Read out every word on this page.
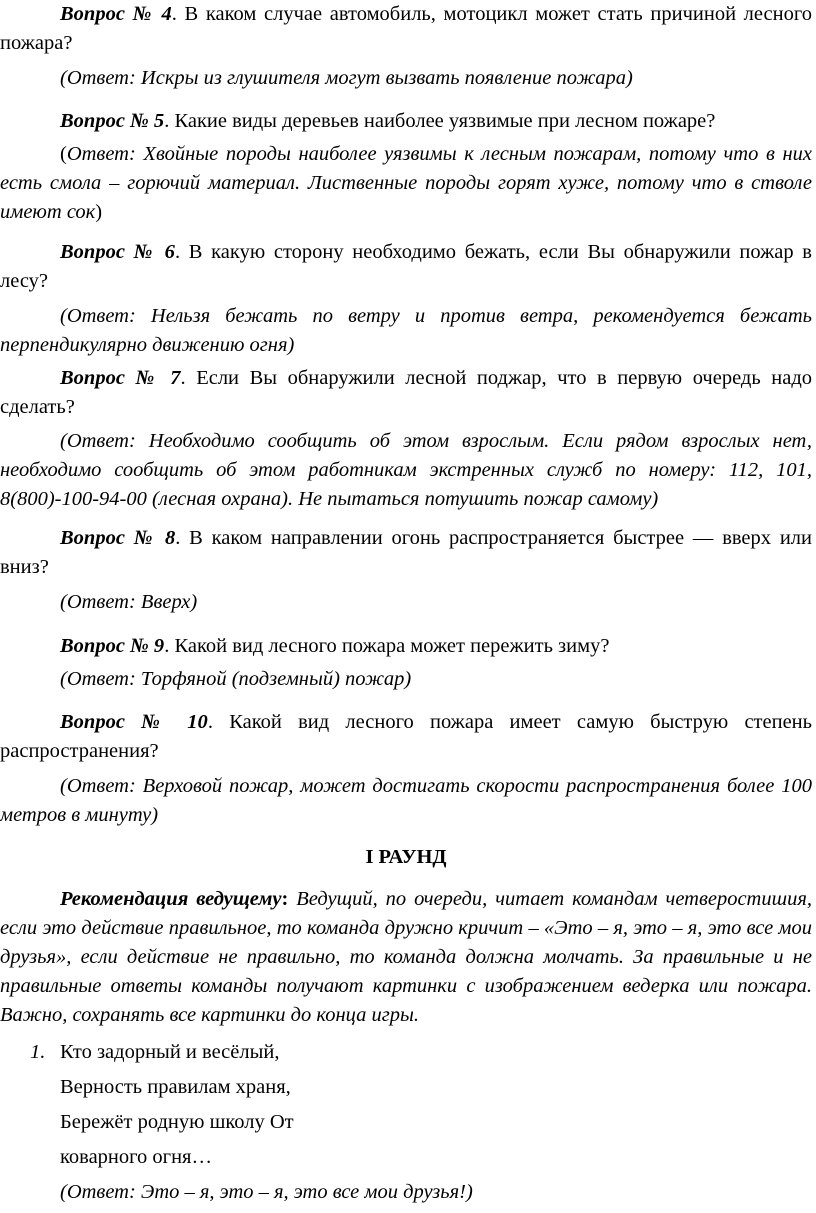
Вопрос № 4. В каком случае автомобиль, мотоцикл может стать причиной лесного пожара?

(Ответ: Искры из глушителя могут вызвать появление пожара)

Вопрос № 5. Какие виды деревьев наиболее уязвимые при лесном пожаре?

(Ответ: Хвойные породы наиболее уязвимы к лесным пожарам, потому что в них есть смола – горючий материал. Лиственные породы горят хуже, потому что в стволе имеют сок)

Вопрос № 6. В какую сторону необходимо бежать, если Вы обнаружили пожар в лесу?

(Ответ: Нельзя бежать по ветру и против ветра, рекомендуется бежать перпендикулярно движению огня)

Вопрос № 7. Если Вы обнаружили лесной поджар, что в первую очередь надо сделать?

(Ответ: Необходимо сообщить об этом взрослым. Если рядом взрослых нет, необходимо сообщить об этом работникам экстренных служб по номеру: 112, 101, 8(800)-100-94-00 (лесная охрана). Не пытаться потушить пожар самому)

Вопрос № 8. В каком направлении огонь распространяется быстрее — вверх или вниз?

(Ответ: Вверх)

Вопрос № 9. Какой вид лесного пожара может пережить зиму?

(Ответ: Торфяной (подземный) пожар)

Вопрос № 10. Какой вид лесного пожара имеет самую быструю степень распространения?

(Ответ: Верховой пожар, может достигать скорости распространения более 100 метров в минуту)

I РАУНД

Рекомендация ведущему: Ведущий, по очереди, читает командам четверостишия, если это действие правильное, то команда дружно кричит – «Это – я, это – я, это все мои друзья», если действие не правильно, то команда должна молчать. За правильные и не правильные ответы команды получают картинки с изображением ведерка или пожара. Важно, сохранять все картинки до конца игры.

1. Кто задорный и весёлый,
Верность правилам храня,
Бережёт родную школу От
коварного огня…
(Ответ: Это – я, это – я, это все мои друзья!)
